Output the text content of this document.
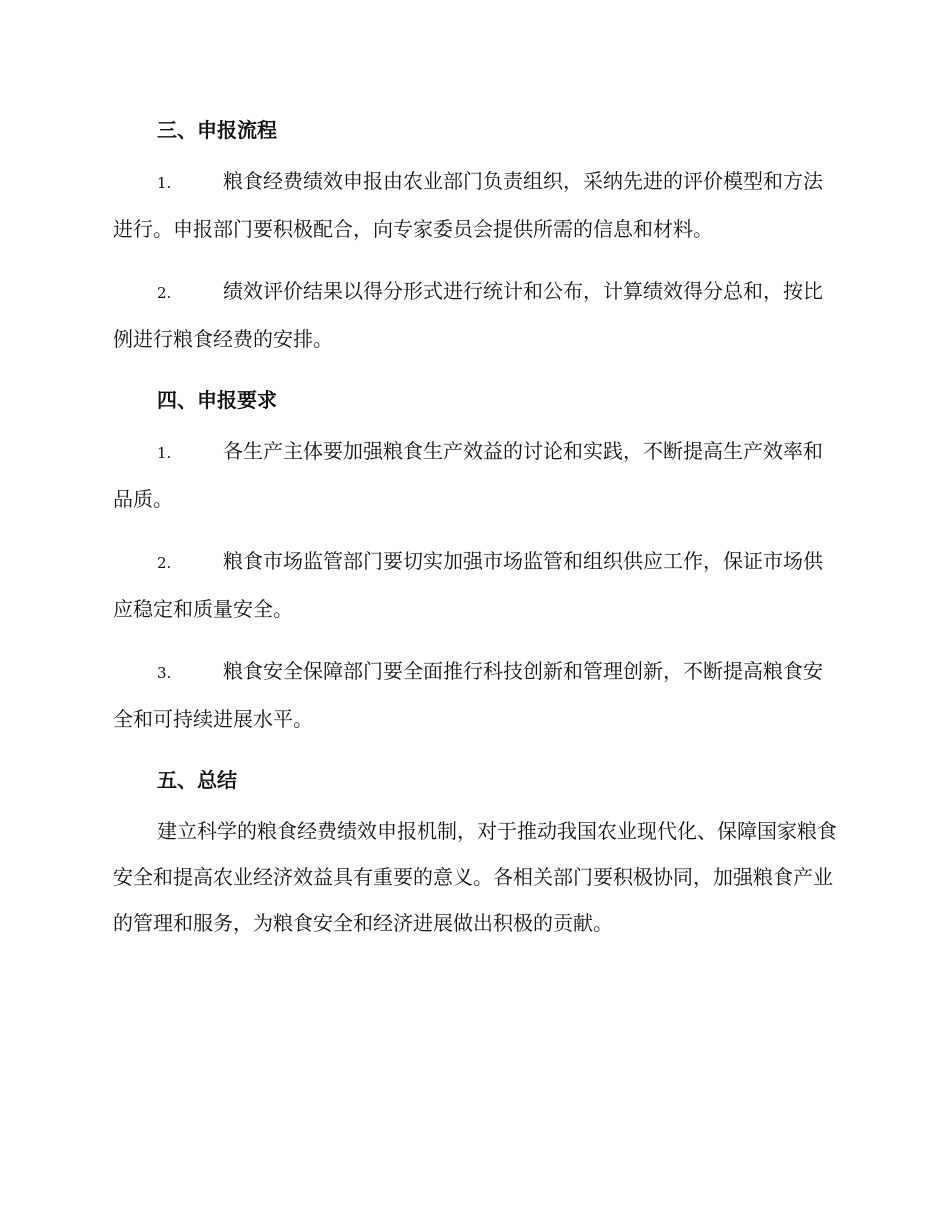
三、申报流程

1.	粮食经费绩效申报由农业部门负责组织，采纳先进的评价模型和方法进行。申报部门要积极配合，向专家委员会提供所需的信息和材料。

2.	绩效评价结果以得分形式进行统计和公布，计算绩效得分总和，按比例进行粮食经费的安排。

四、申报要求

1.	各生产主体要加强粮食生产效益的讨论和实践，不断提高生产效率和品质。

2.	粮食市场监管部门要切实加强市场监管和组织供应工作，保证市场供应稳定和质量安全。

3.	粮食安全保障部门要全面推行科技创新和管理创新，不断提高粮食安全和可持续进展水平。

五、总结

建立科学的粮食经费绩效申报机制，对于推动我国农业现代化、保障国家粮食安全和提高农业经济效益具有重要的意义。各相关部门要积极协同，加强粮食产业的管理和服务，为粮食安全和经济进展做出积极的贡献。
